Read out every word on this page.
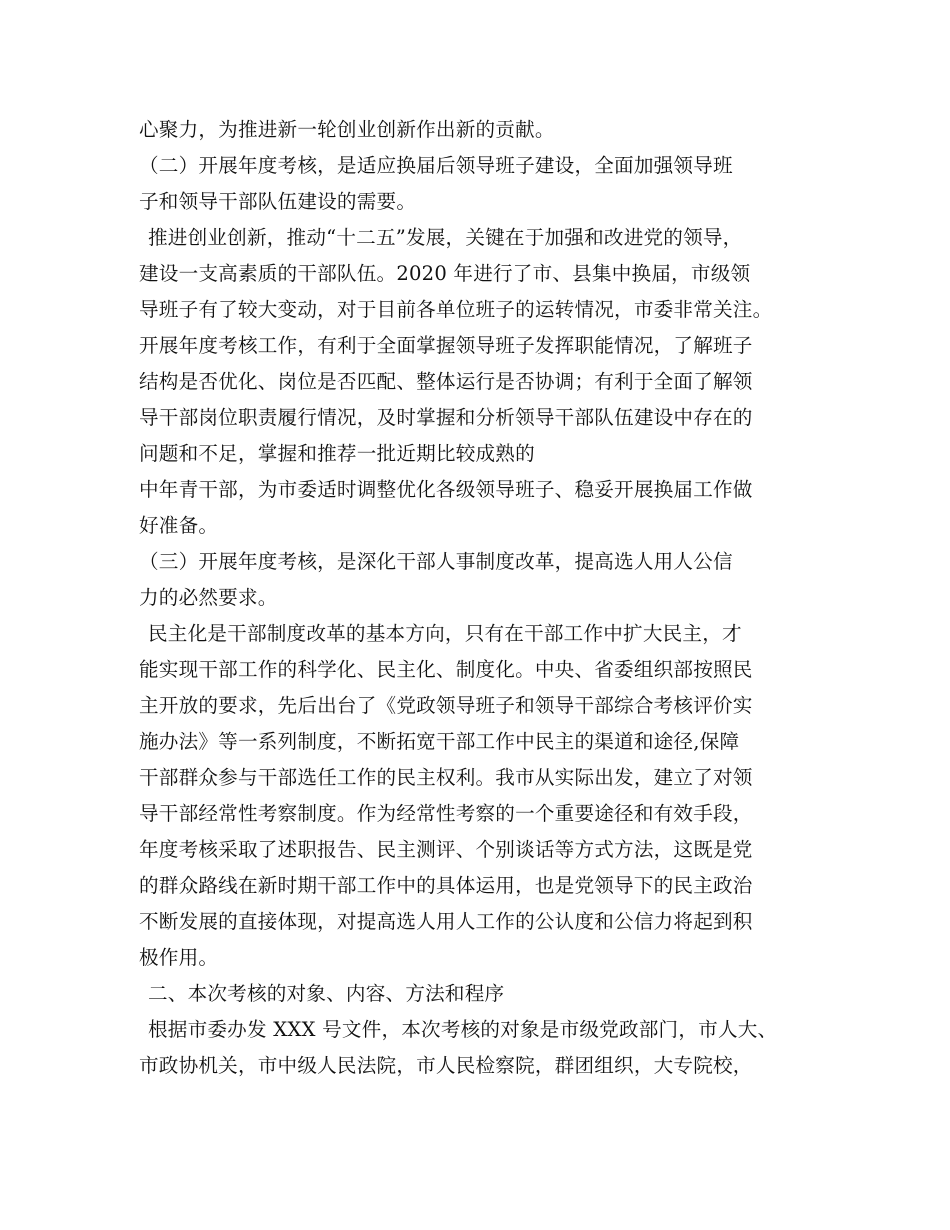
心聚力，为推进新一轮创业创新作出新的贡献。
（二）开展年度考核，是适应换届后领导班子建设，全面加强领导班
子和领导干部队伍建设的需要。
推进创业创新，推动“十二五”发展，关键在于加强和改进党的领导，
建设一支高素质的干部队伍。2020 年进行了市、县集中换届，市级领
导班子有了较大变动，对于目前各单位班子的运转情况，市委非常关注。
开展年度考核工作，有利于全面掌握领导班子发挥职能情况，了解班子
结构是否优化、岗位是否匹配、整体运行是否协调；有利于全面了解领
导干部岗位职责履行情况，及时掌握和分析领导干部队伍建设中存在的
问题和不足，掌握和推荐一批近期比较成熟的
中年青干部，为市委适时调整优化各级领导班子、稳妥开展换届工作做
好准备。
（三）开展年度考核，是深化干部人事制度改革，提高选人用人公信
力的必然要求。
民主化是干部制度改革的基本方向，只有在干部工作中扩大民主，才
能实现干部工作的科学化、民主化、制度化。中央、省委组织部按照民
主开放的要求，先后出台了《党政领导班子和领导干部综合考核评价实
施办法》等一系列制度，不断拓宽干部工作中民主的渠道和途径,保障
干部群众参与干部选任工作的民主权利。我市从实际出发，建立了对领
导干部经常性考察制度。作为经常性考察的一个重要途径和有效手段，
年度考核采取了述职报告、民主测评、个别谈话等方式方法，这既是党
的群众路线在新时期干部工作中的具体运用，也是党领导下的民主政治
不断发展的直接体现，对提高选人用人工作的公认度和公信力将起到积
极作用。
二、本次考核的对象、内容、方法和程序
根据市委办发 XXX 号文件，本次考核的对象是市级党政部门，市人大、
市政协机关，市中级人民法院，市人民检察院，群团组织，大专院校，
